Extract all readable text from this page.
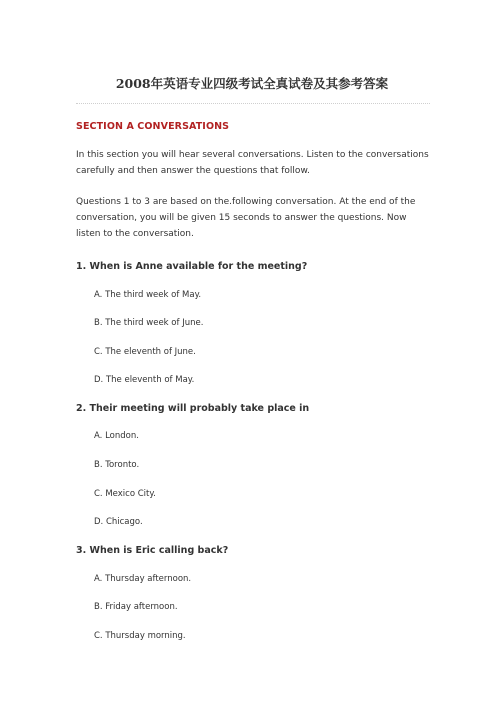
2008年英语专业四级考试全真试卷及其参考答案
SECTION A CONVERSATIONS
In this section you will hear several conversations. Listen to the conversations carefully and then answer the questions that follow.
Questions 1 to 3 are based on the.following conversation. At the end of the conversation, you will be given 15 seconds to answer the questions. Now listen to the conversation.
1. When is Anne available for the meeting?
A. The third week of May.
B. The third week of June.
C. The eleventh of June.
D. The eleventh of May.
2. Their meeting will probably take place in
A. London.
B. Toronto.
C. Mexico City.
D. Chicago.
3. When is Eric calling back?
A. Thursday afternoon.
B. Friday afternoon.
C. Thursday morning.
